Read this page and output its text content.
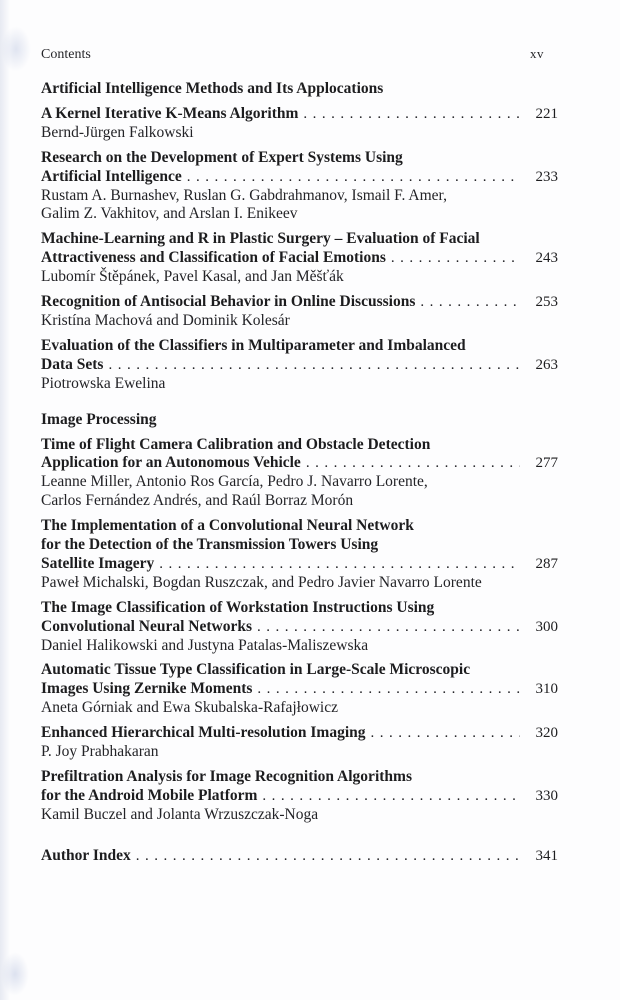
Contents	xv
Artificial Intelligence Methods and Its Applocations
A Kernel Iterative K-Means Algorithm .....	221
Bernd-Jürgen Falkowski
Research on the Development of Expert Systems Using
Artificial Intelligence .....	233
Rustam A. Burnashev, Ruslan G. Gabdrahmanov, Ismail F. Amer,
Galim Z. Vakhitov, and Arslan I. Enikeev
Machine-Learning and R in Plastic Surgery – Evaluation of Facial
Attractiveness and Classification of Facial Emotions .....	243
Lubomír Štěpánek, Pavel Kasal, and Jan Měšťák
Recognition of Antisocial Behavior in Online Discussions .....	253
Kristína Machová and Dominik Kolesár
Evaluation of the Classifiers in Multiparameter and Imbalanced
Data Sets .....	263
Piotrowska Ewelina
Image Processing
Time of Flight Camera Calibration and Obstacle Detection
Application for an Autonomous Vehicle .....	277
Leanne Miller, Antonio Ros García, Pedro J. Navarro Lorente,
Carlos Fernández Andrés, and Raúl Borraz Morón
The Implementation of a Convolutional Neural Network
for the Detection of the Transmission Towers Using
Satellite Imagery .....	287
Paweł Michalski, Bogdan Ruszczak, and Pedro Javier Navarro Lorente
The Image Classification of Workstation Instructions Using
Convolutional Neural Networks .....	300
Daniel Halikowski and Justyna Patalas-Maliszewska
Automatic Tissue Type Classification in Large-Scale Microscopic
Images Using Zernike Moments .....	310
Aneta Górniak and Ewa Skubalska-Rafajłowicz
Enhanced Hierarchical Multi-resolution Imaging .....	320
P. Joy Prabhakaran
Prefiltration Analysis for Image Recognition Algorithms
for the Android Mobile Platform .....	330
Kamil Buczel and Jolanta Wrzuszczak-Noga
Author Index .....	341
